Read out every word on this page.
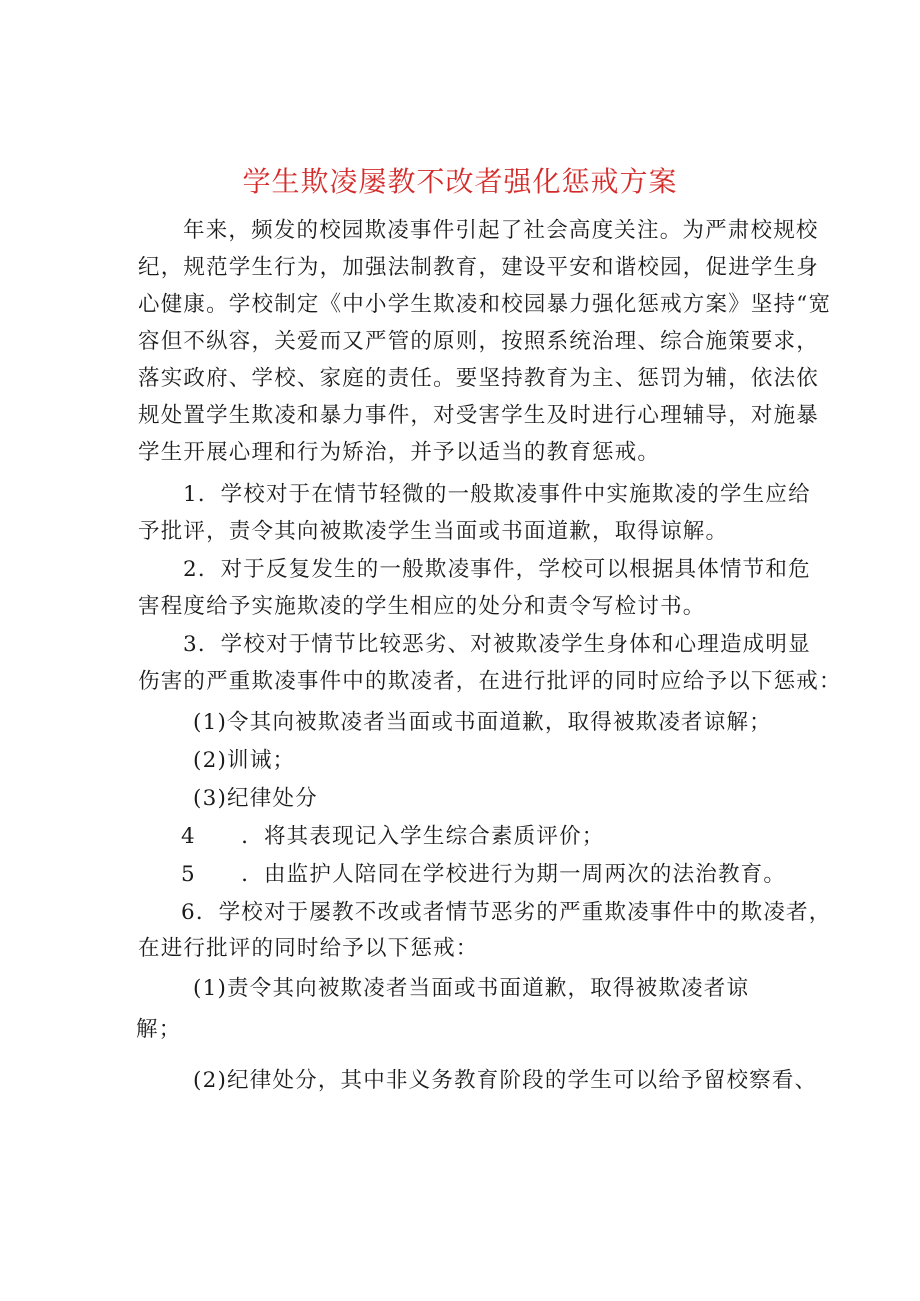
学生欺凌屡教不改者强化惩戒方案
年来，频发的校园欺凌事件引起了社会高度关注。为严肃校规校
纪，规范学生行为，加强法制教育，建设平安和谐校园，促进学生身
心健康。学校制定《中小学生欺凌和校园暴力强化惩戒方案》坚持“宽
容但不纵容，关爱而又严管的原则，按照系统治理、综合施策要求，
落实政府、学校、家庭的责任。要坚持教育为主、惩罚为辅，依法依
规处置学生欺凌和暴力事件，对受害学生及时进行心理辅导，对施暴
学生开展心理和行为矫治，并予以适当的教育惩戒。
1．学校对于在情节轻微的一般欺凌事件中实施欺凌的学生应给
予批评，责令其向被欺凌学生当面或书面道歉，取得谅解。
2．对于反复发生的一般欺凌事件，学校可以根据具体情节和危
害程度给予实施欺凌的学生相应的处分和责令写检讨书。
3．学校对于情节比较恶劣、对被欺凌学生身体和心理造成明显
伤害的严重欺凌事件中的欺凌者，在进行批评的同时应给予以下惩戒：
(1)令其向被欺凌者当面或书面道歉，取得被欺凌者谅解；
(2)训诫；
(3)纪律处分
4　　．将其表现记入学生综合素质评价；
5　　．由监护人陪同在学校进行为期一周两次的法治教育。
6．学校对于屡教不改或者情节恶劣的严重欺凌事件中的欺凌者，
在进行批评的同时给予以下惩戒：
(1)责令其向被欺凌者当面或书面道歉，取得被欺凌者谅
解；
(2)纪律处分，其中非义务教育阶段的学生可以给予留校察看、
